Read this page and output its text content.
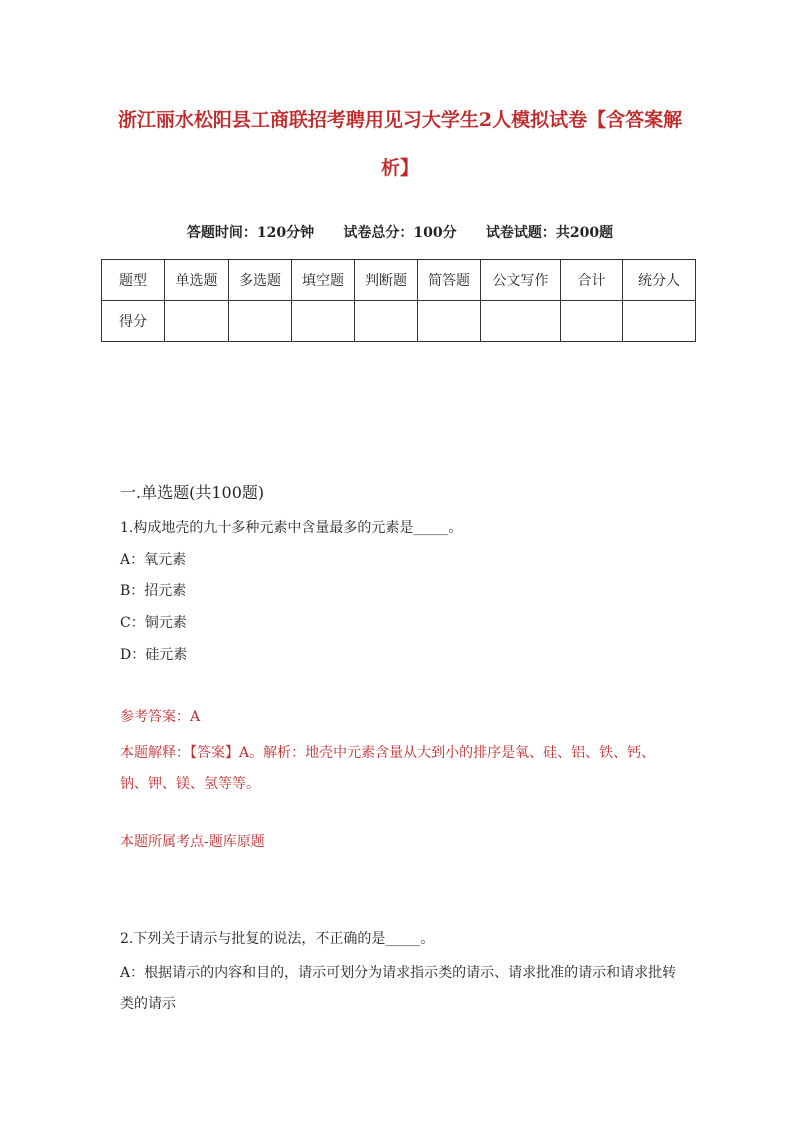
浙江丽水松阳县工商联招考聘用见习大学生2人模拟试卷【含答案解析】
答题时间：120分钟      试卷总分：100分      试卷试题：共200题
题型	单选题	多选题	填空题	判断题	简答题	公文写作	合计	统分人
得分								
一.单选题(共100题)
1.构成地壳的九十多种元素中含量最多的元素是_____。
A：氧元素
B：招元素
C：铜元素
D：硅元素
参考答案：A
本题解释：【答案】A。解析：地壳中元素含量从大到小的排序是氧、硅、铝、铁、钙、钠、钾、镁、氢等等。
本题所属考点-题库原题
2.下列关于请示与批复的说法，不正确的是_____。
A：根据请示的内容和目的，请示可划分为请求指示类的请示、请求批准的请示和请求批转类的请示
